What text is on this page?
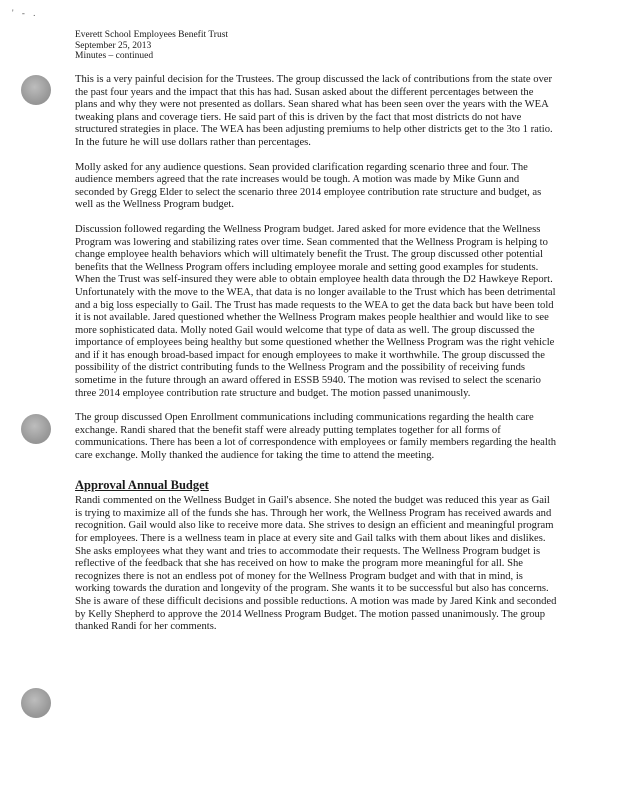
' - .
Everett School Employees Benefit Trust
September 25, 2013
Minutes – continued

This is a very painful decision for the Trustees. The group discussed the lack of contributions from the state over the past four years and the impact that this has had. Susan asked about the different percentages between the plans and why they were not presented as dollars. Sean shared what has been seen over the years with the WEA tweaking plans and coverage tiers. He said part of this is driven by the fact that most districts do not have structured strategies in place. The WEA has been adjusting premiums to help other districts get to the 3to 1 ratio. In the future he will use dollars rather than percentages.

Molly asked for any audience questions. Sean provided clarification regarding scenario three and four. The audience members agreed that the rate increases would be tough. A motion was made by Mike Gunn and seconded by Gregg Elder to select the scenario three 2014 employee contribution rate structure and budget, as well as the Wellness Program budget.

Discussion followed regarding the Wellness Program budget. Jared asked for more evidence that the Wellness Program was lowering and stabilizing rates over time. Sean commented that the Wellness Program is helping to change employee health behaviors which will ultimately benefit the Trust. The group discussed other potential benefits that the Wellness Program offers including employee morale and setting good examples for students. When the Trust was self-insured they were able to obtain employee health data through the D2 Hawkeye Report. Unfortunately with the move to the WEA, that data is no longer available to the Trust which has been detrimental and a big loss especially to Gail. The Trust has made requests to the WEA to get the data back but have been told it is not available. Jared questioned whether the Wellness Program makes people healthier and would like to see more sophisticated data. Molly noted Gail would welcome that type of data as well. The group discussed the importance of employees being healthy but some questioned whether the Wellness Program was the right vehicle and if it has enough broad-based impact for enough employees to make it worthwhile. The group discussed the possibility of the district contributing funds to the Wellness Program and the possibility of receiving funds sometime in the future through an award offered in ESSB 5940. The motion was revised to select the scenario three 2014 employee contribution rate structure and budget. The motion passed unanimously.

The group discussed Open Enrollment communications including communications regarding the health care exchange. Randi shared that the benefit staff were already putting templates together for all forms of communications. There has been a lot of correspondence with employees or family members regarding the health care exchange. Molly thanked the audience for taking the time to attend the meeting.

Approval Annual Budget

Randi commented on the Wellness Budget in Gail's absence. She noted the budget was reduced this year as Gail is trying to maximize all of the funds she has. Through her work, the Wellness Program has received awards and recognition. Gail would also like to receive more data. She strives to design an efficient and meaningful program for employees. There is a wellness team in place at every site and Gail talks with them about likes and dislikes. She asks employees what they want and tries to accommodate their requests. The Wellness Program budget is reflective of the feedback that she has received on how to make the program more meaningful for all. She recognizes there is not an endless pot of money for the Wellness Program budget and with that in mind, is working towards the duration and longevity of the program. She wants it to be successful but also has concerns. She is aware of these difficult decisions and possible reductions. A motion was made by Jared Kink and seconded by Kelly Shepherd to approve the 2014 Wellness Program Budget. The motion passed unanimously. The group thanked Randi for her comments.
